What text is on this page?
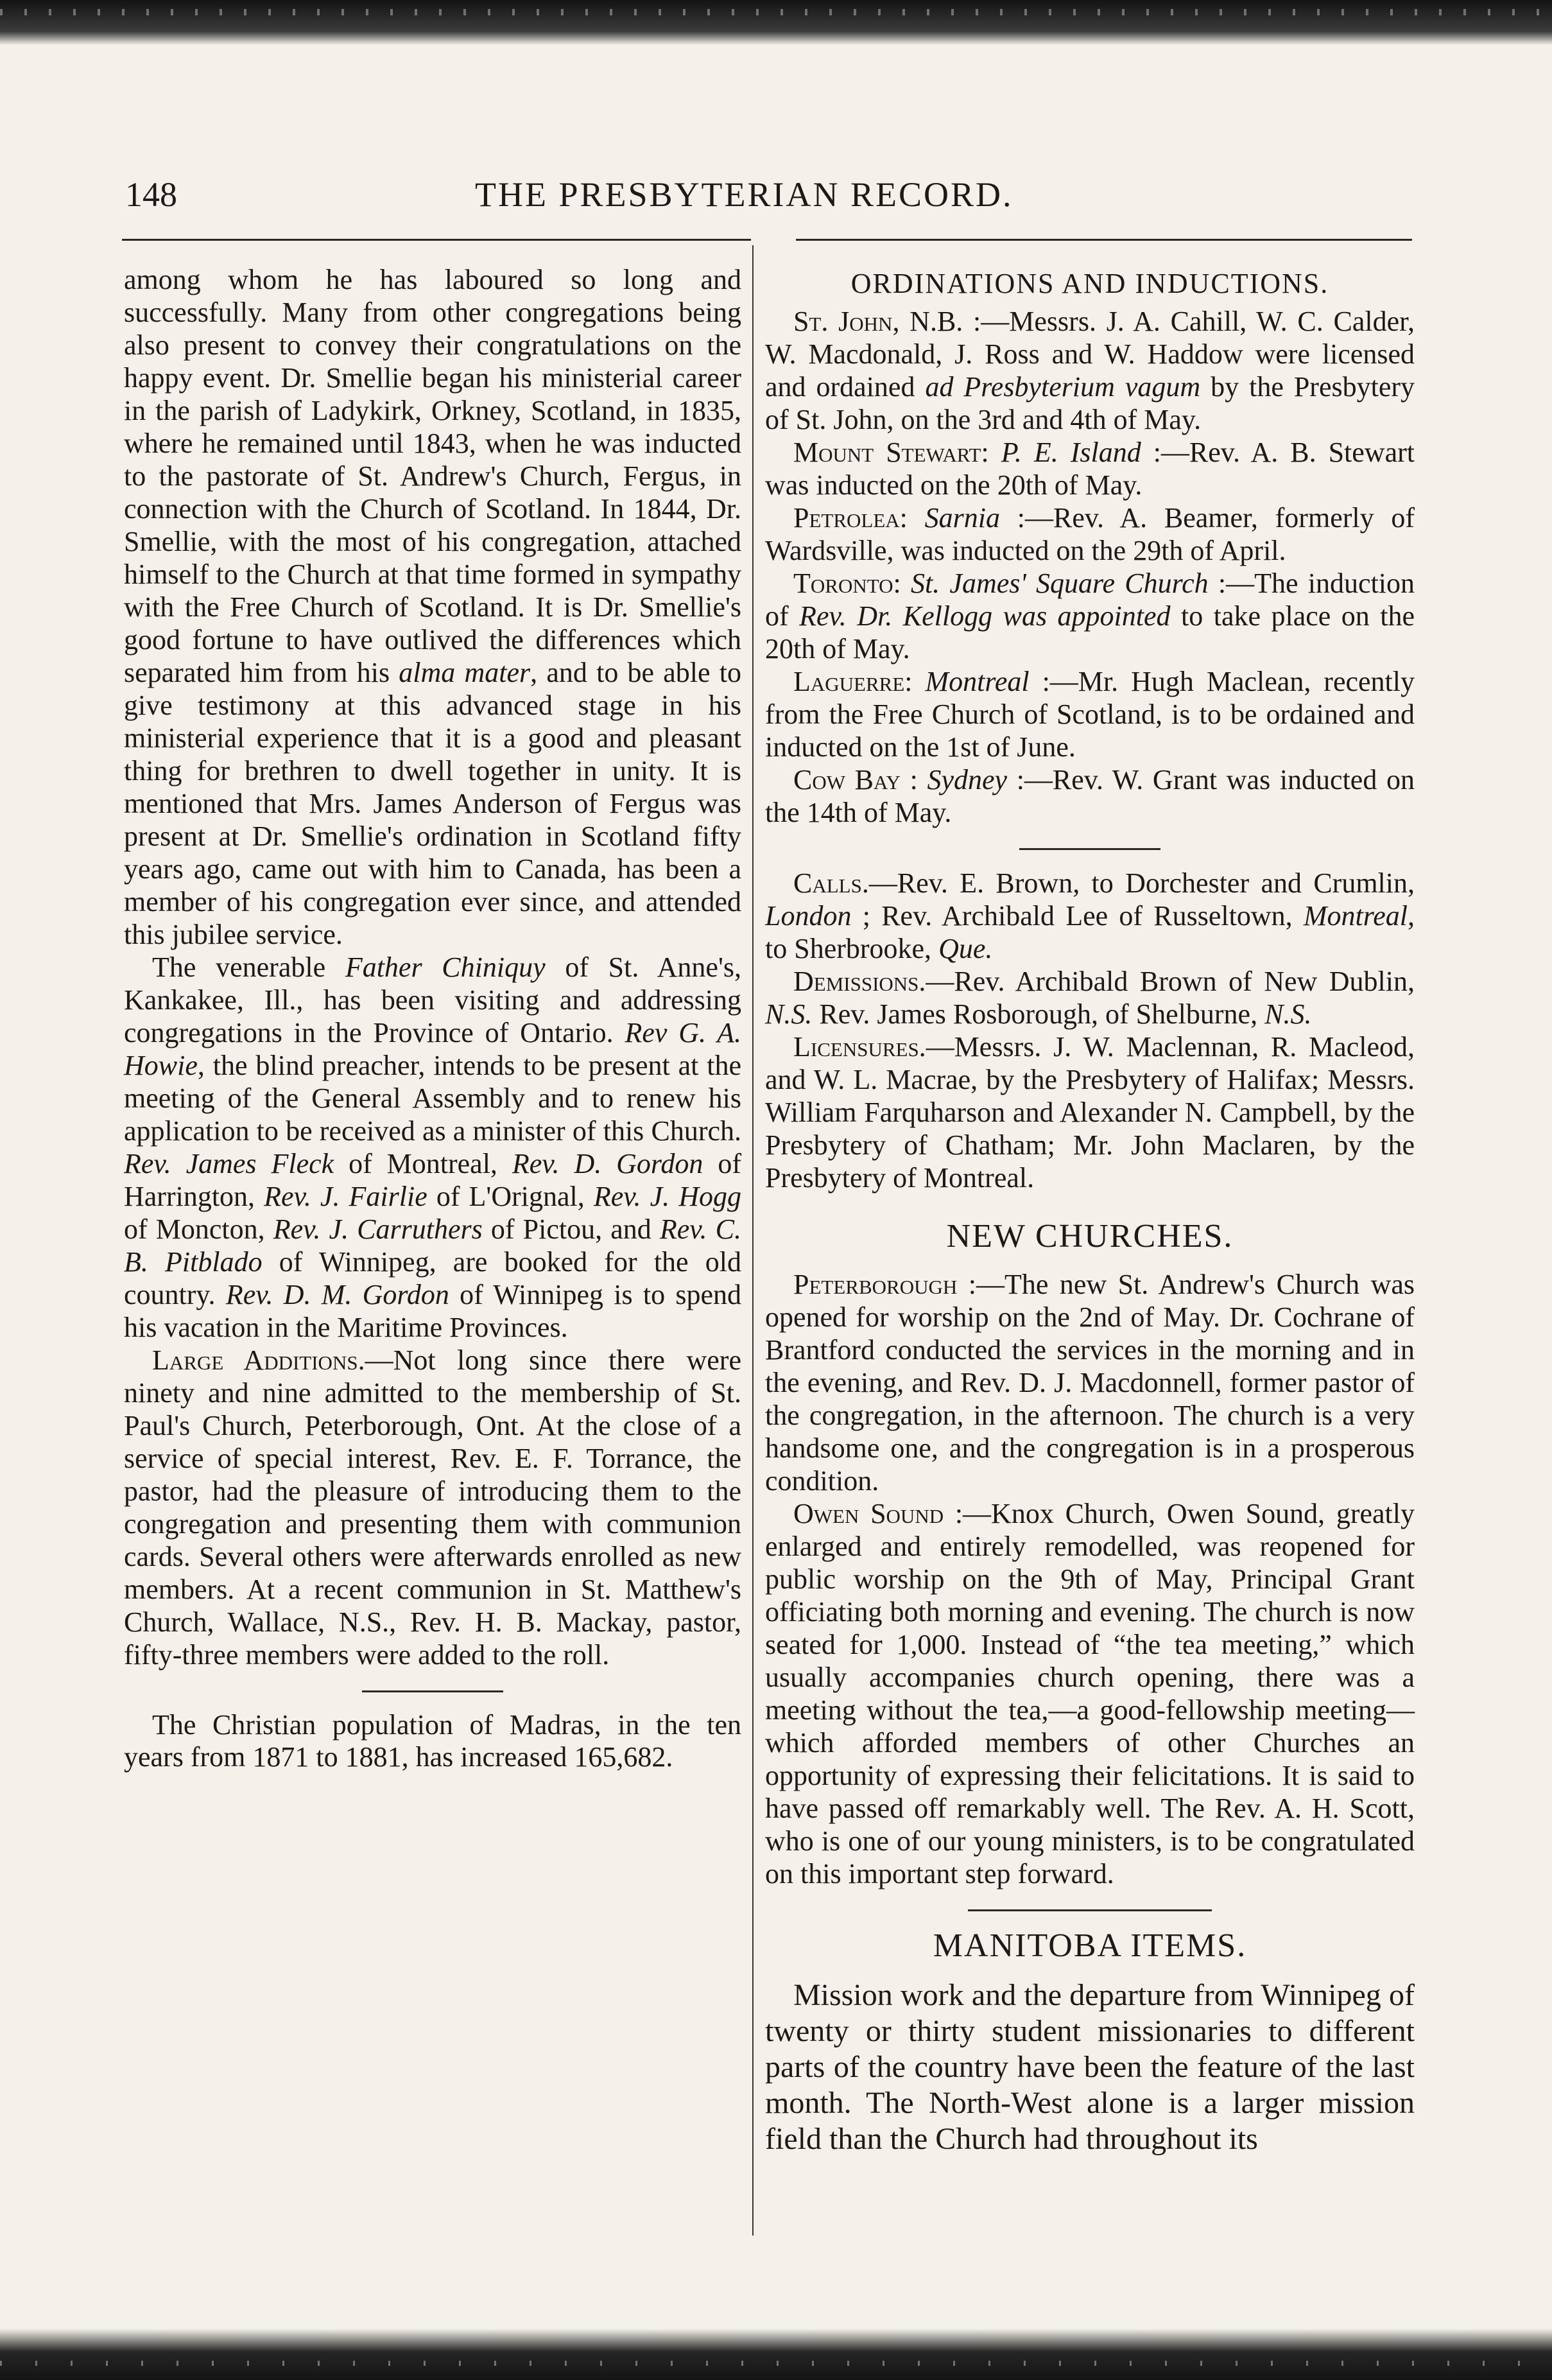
148	THE PRESBYTERIAN RECORD.

among whom he has laboured so long and successfully. Many from other congregations being also present to convey their congratulations on the happy event. Dr. Smellie began his ministerial career in the parish of Ladykirk, Orkney, Scotland, in 1835, where he remained until 1843, when he was inducted to the pastorate of St. Andrew's Church, Fergus, in connection with the Church of Scotland. In 1844, Dr. Smellie, with the most of his congregation, attached himself to the Church at that time formed in sympathy with the Free Church of Scotland. It is Dr. Smellie's good fortune to have outlived the differences which separated him from his alma mater, and to be able to give testimony at this advanced stage in his ministerial experience that it is a good and pleasant thing for brethren to dwell together in unity. It is mentioned that Mrs. James Anderson of Fergus was present at Dr. Smellie's ordination in Scotland fifty years ago, came out with him to Canada, has been a member of his congregation ever since, and attended this jubilee service.

The venerable Father Chiniquy of St. Anne's, Kankakee, Ill., has been visiting and addressing congregations in the Province of Ontario. Rev G. A. Howie, the blind preacher, intends to be present at the meeting of the General Assembly and to renew his application to be received as a minister of this Church. Rev. James Fleck of Montreal, Rev. D. Gordon of Harrington, Rev. J. Fairlie of L'Orignal, Rev. J. Hogg of Moncton, Rev. J. Carruthers of Pictou, and Rev. C. B. Pitblado of Winnipeg, are booked for the old country. Rev. D. M. Gordon of Winnipeg is to spend his vacation in the Maritime Provinces.

Large Additions.—Not long since there were ninety and nine admitted to the membership of St. Paul's Church, Peterborough, Ont. At the close of a service of special interest, Rev. E. F. Torrance, the pastor, had the pleasure of introducing them to the congregation and presenting them with communion cards. Several others were afterwards enrolled as new members. At a recent communion in St. Matthew's Church, Wallace, N.S., Rev. H. B. Mackay, pastor, fifty-three members were added to the roll.

The Christian population of Madras, in the ten years from 1871 to 1881, has increased 165,682.

ORDINATIONS AND INDUCTIONS.

St. John, N.B. :—Messrs. J. A. Cahill, W. C. Calder, W. Macdonald, J. Ross and W. Haddow were licensed and ordained ad Presbyterium vagum by the Presbytery of St. John, on the 3rd and 4th of May.

Mount Stewart: P. E. Island :—Rev. A. B. Stewart was inducted on the 20th of May.

Petrolea: Sarnia :—Rev. A. Beamer, formerly of Wardsville, was inducted on the 29th of April.

Toronto: St. James' Square Church :—The induction of Rev. Dr. Kellogg was appointed to take place on the 20th of May.

Laguerre: Montreal :—Mr. Hugh Maclean, recently from the Free Church of Scotland, is to be ordained and inducted on the 1st of June.

Cow Bay : Sydney :—Rev. W. Grant was inducted on the 14th of May.

Calls.—Rev. E. Brown, to Dorchester and Crumlin, London ; Rev. Archibald Lee of Russeltown, Montreal, to Sherbrooke, Que.

Demissions.—Rev. Archibald Brown of New Dublin, N.S. Rev. James Rosborough, of Shelburne, N.S.

Licensures.—Messrs. J. W. Maclennan, R. Macleod, and W. L. Macrae, by the Presbytery of Halifax; Messrs. William Farquharson and Alexander N. Campbell, by the Presbytery of Chatham; Mr. John Maclaren, by the Presbytery of Montreal.

NEW CHURCHES.

Peterborough :—The new St. Andrew's Church was opened for worship on the 2nd of May. Dr. Cochrane of Brantford conducted the services in the morning and in the evening, and Rev. D. J. Macdonnell, former pastor of the congregation, in the afternoon. The church is a very handsome one, and the congregation is in a prosperous condition.

Owen Sound :—Knox Church, Owen Sound, greatly enlarged and entirely remodelled, was reopened for public worship on the 9th of May, Principal Grant officiating both morning and evening. The church is now seated for 1,000. Instead of “the tea meeting,” which usually accompanies church opening, there was a meeting without the tea,—a good-fellowship meeting—which afforded members of other Churches an opportunity of expressing their felicitations. It is said to have passed off remarkably well. The Rev. A. H. Scott, who is one of our young ministers, is to be congratulated on this important step forward.

MANITOBA ITEMS.

Mission work and the departure from Winnipeg of twenty or thirty student missionaries to different parts of the country have been the feature of the last month. The North-West alone is a larger mission field than the Church had throughout its
